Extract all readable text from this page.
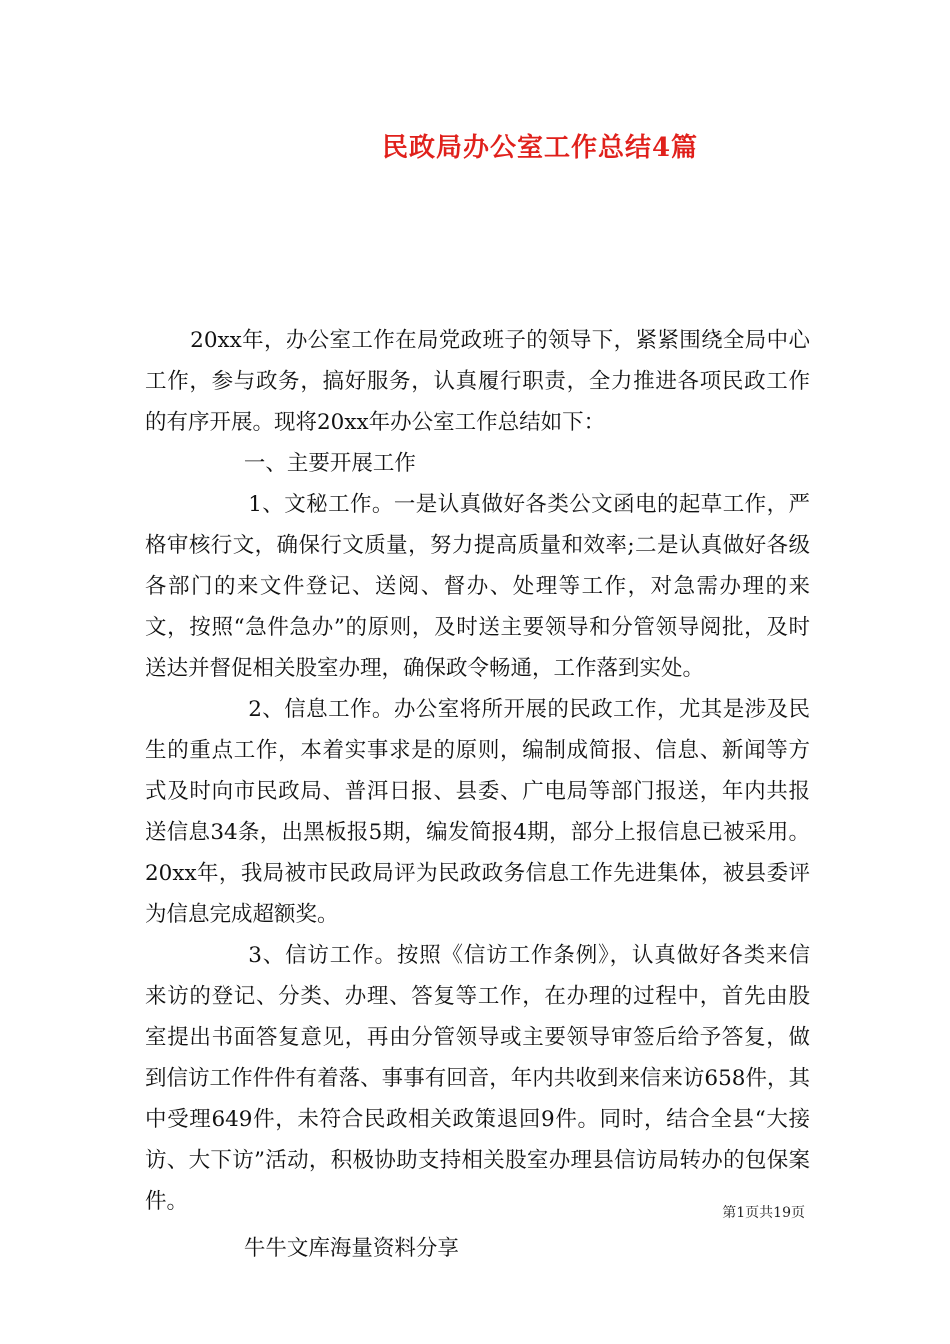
民政局办公室工作总结4篇

20xx年，办公室工作在局党政班子的领导下，紧紧围绕全局中心工作，参与政务，搞好服务，认真履行职责，全力推进各项民政工作的有序开展。现将20xx年办公室工作总结如下：

一、主要开展工作

1、文秘工作。一是认真做好各类公文函电的起草工作，严格审核行文，确保行文质量，努力提高质量和效率;二是认真做好各级各部门的来文件登记、送阅、督办、处理等工作，对急需办理的来文，按照“急件急办”的原则，及时送主要领导和分管领导阅批，及时送达并督促相关股室办理，确保政令畅通，工作落到实处。

2、信息工作。办公室将所开展的民政工作，尤其是涉及民生的重点工作，本着实事求是的原则，编制成简报、信息、新闻等方式及时向市民政局、普洱日报、县委、广电局等部门报送，年内共报送信息34条，出黑板报5期，编发简报4期，部分上报信息已被采用。20xx年，我局被市民政局评为民政政务信息工作先进集体，被县委评为信息完成超额奖。

3、信访工作。按照《信访工作条例》，认真做好各类来信来访的登记、分类、办理、答复等工作，在办理的过程中，首先由股室提出书面答复意见，再由分管领导或主要领导审签后给予答复，做到信访工作件件有着落、事事有回音，年内共收到来信来访658件，其中受理649件，未符合民政相关政策退回9件。同时，结合全县“大接访、大下访”活动，积极协助支持相关股室办理县信访局转办的包保案件。

牛牛文库海量资料分享

第1页共19页
